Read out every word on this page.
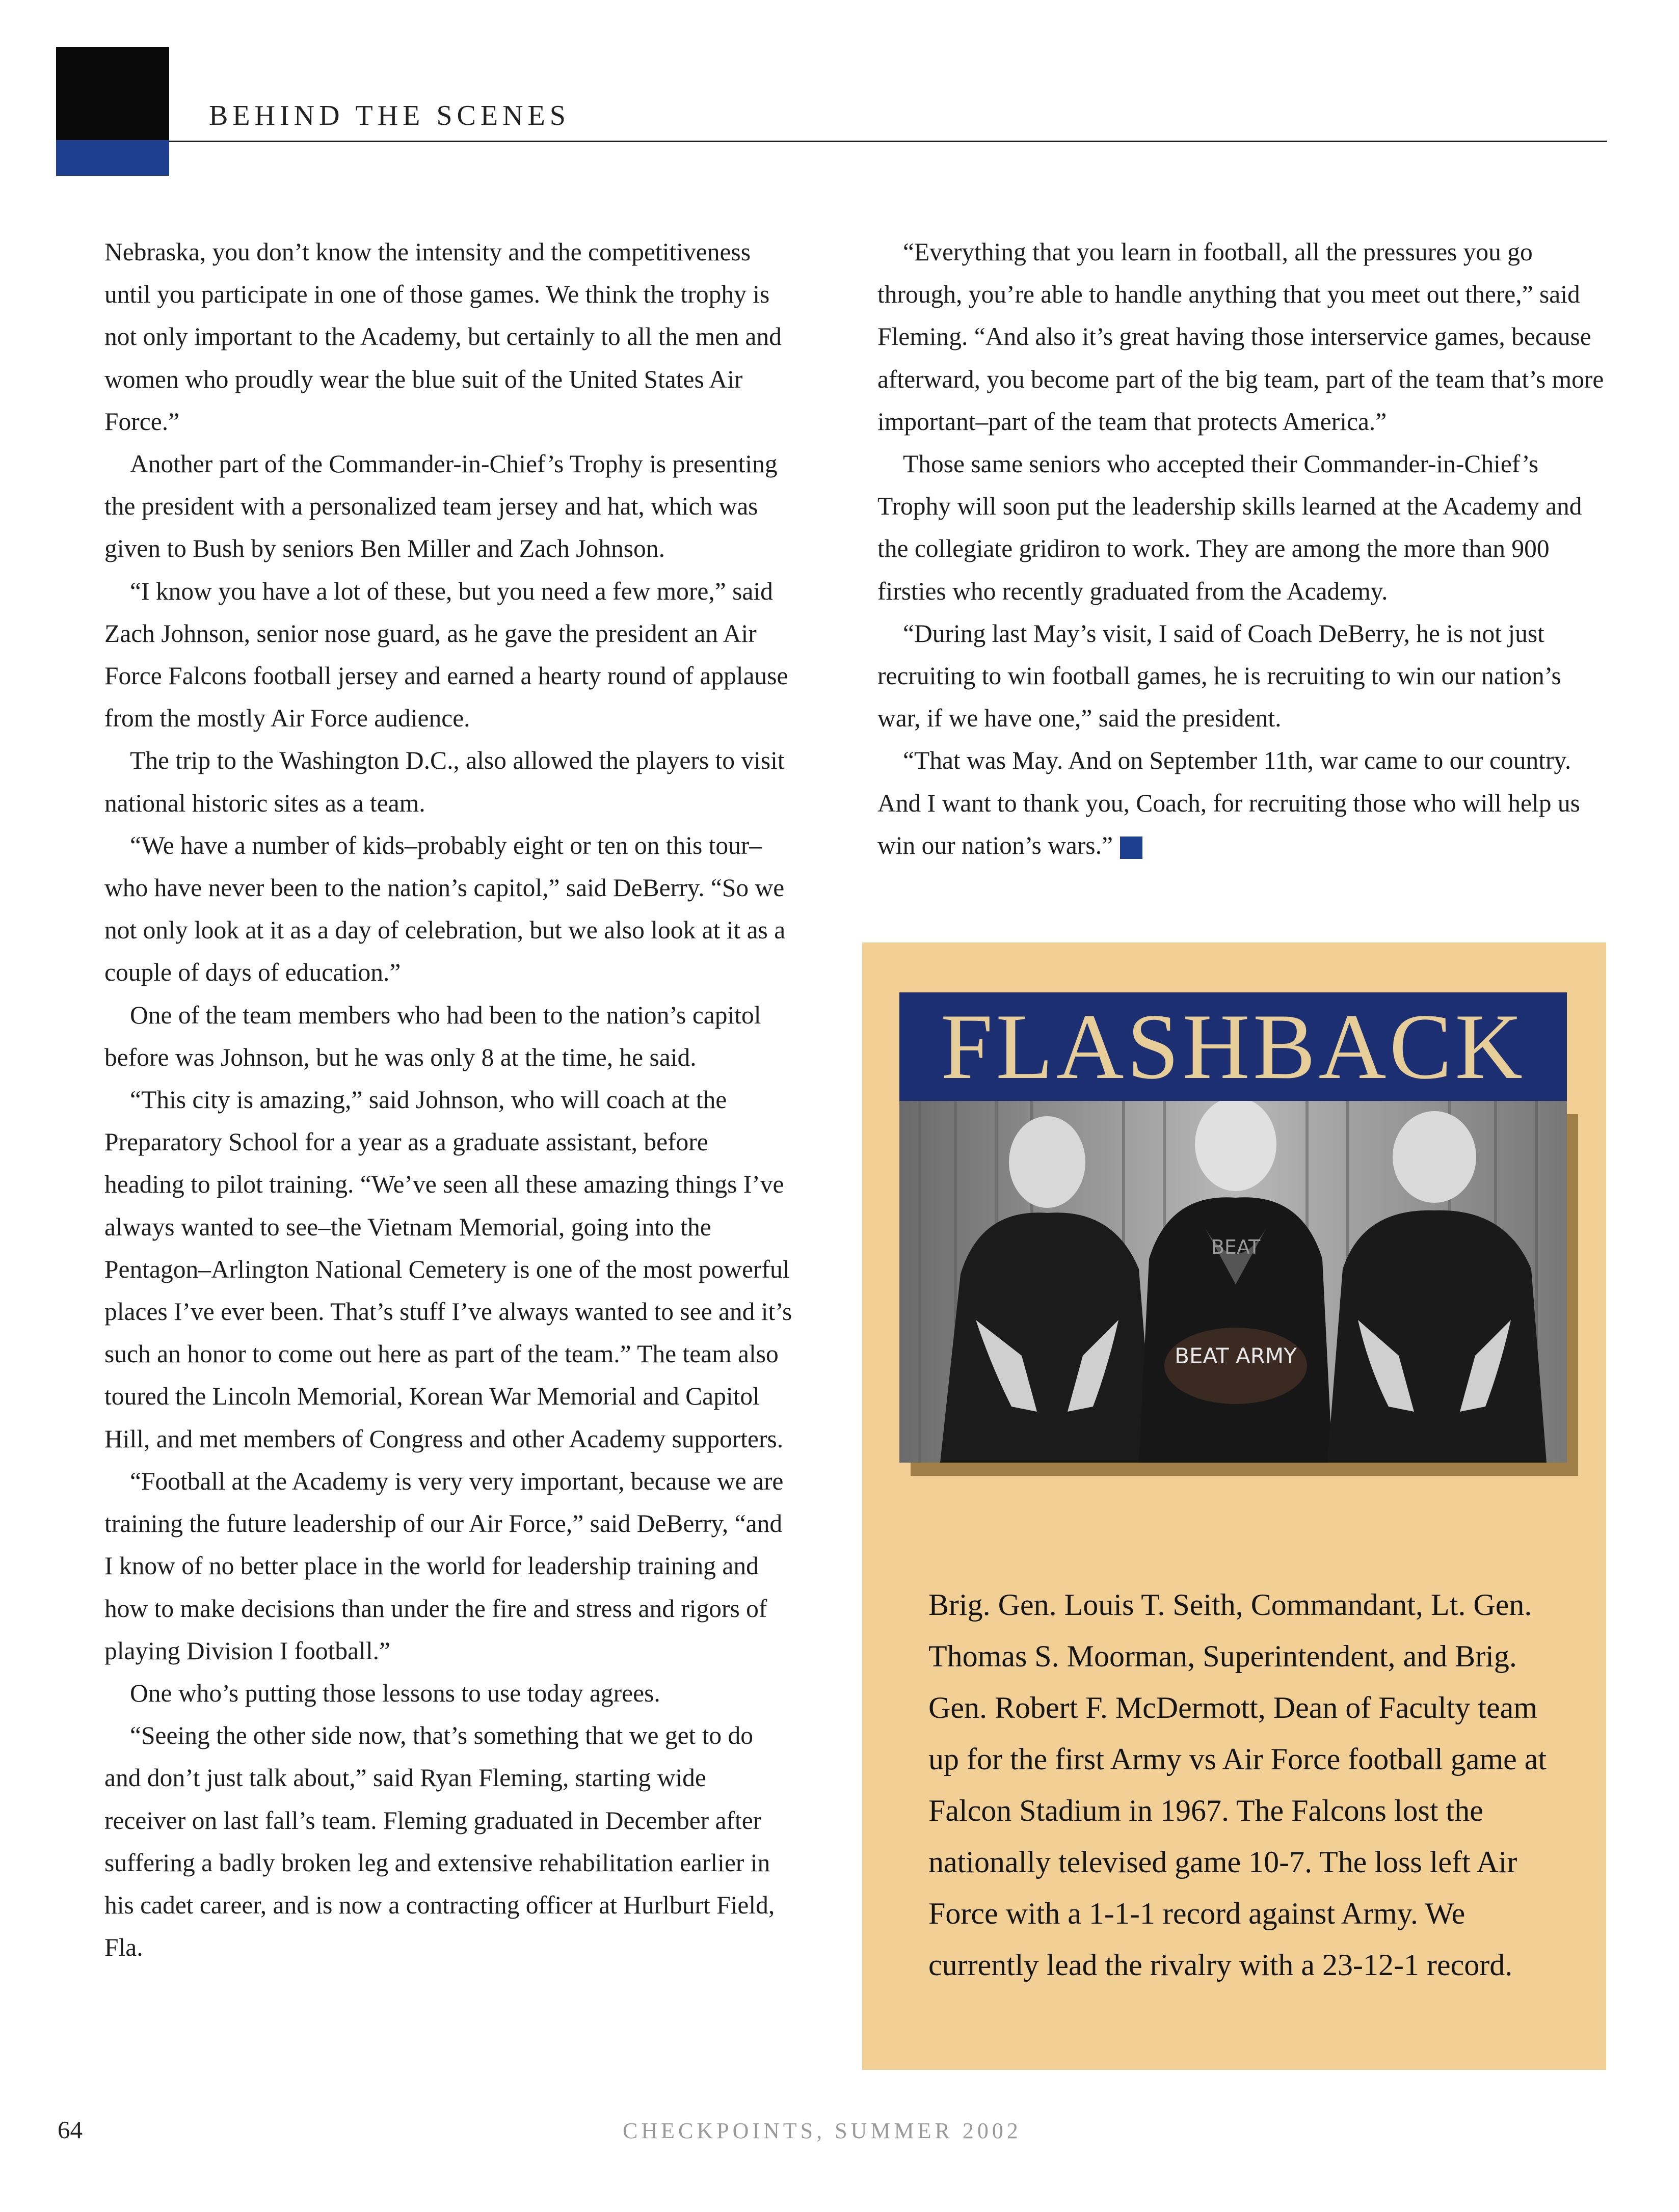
BEHIND THE SCENES

Nebraska, you don’t know the intensity and the competitiveness until you participate in one of those games. We think the trophy is not only important to the Academy, but certainly to all the men and women who proudly wear the blue suit of the United States Air Force.”

Another part of the Commander-in-Chief’s Trophy is presenting the president with a personalized team jersey and hat, which was given to Bush by seniors Ben Miller and Zach Johnson.

“I know you have a lot of these, but you need a few more,” said Zach Johnson, senior nose guard, as he gave the president an Air Force Falcons football jersey and earned a hearty round of applause from the mostly Air Force audience.

The trip to the Washington D.C., also allowed the players to visit national historic sites as a team.

“We have a number of kids–probably eight or ten on this tour–who have never been to the nation’s capitol,” said DeBerry. “So we not only look at it as a day of celebration, but we also look at it as a couple of days of education.”

One of the team members who had been to the nation’s capitol before was Johnson, but he was only 8 at the time, he said.

“This city is amazing,” said Johnson, who will coach at the Preparatory School for a year as a graduate assistant, before heading to pilot training. “We’ve seen all these amazing things I’ve always wanted to see–the Vietnam Memorial, going into the Pentagon–Arlington National Cemetery is one of the most powerful places I’ve ever been. That’s stuff I’ve always wanted to see and it’s such an honor to come out here as part of the team.” The team also toured the Lincoln Memorial, Korean War Memorial and Capitol Hill, and met members of Congress and other Academy supporters.

“Football at the Academy is very very important, because we are training the future leadership of our Air Force,” said DeBerry, “and I know of no better place in the world for leadership training and how to make decisions than under the fire and stress and rigors of playing Division I football.”

One who’s putting those lessons to use today agrees.

“Seeing the other side now, that’s something that we get to do and don’t just talk about,” said Ryan Fleming, starting wide receiver on last fall’s team. Fleming graduated in December after suffering a badly broken leg and extensive rehabilitation earlier in his cadet career, and is now a contracting officer at Hurlburt Field, Fla.

“Everything that you learn in football, all the pressures you go through, you’re able to handle anything that you meet out there,” said Fleming. “And also it’s great having those interservice games, because afterward, you become part of the big team, part of the team that’s more important–part of the team that protects America.”

Those same seniors who accepted their Commander-in-Chief’s Trophy will soon put the leadership skills learned at the Academy and the collegiate gridiron to work. They are among the more than 900 firsties who recently graduated from the Academy.

“During last May’s visit, I said of Coach DeBerry, he is not just recruiting to win football games, he is recruiting to win our nation’s war, if we have one,” said the president.

“That was May. And on September 11th, war came to our country. And I want to thank you, Coach, for recruiting those who will help us win our nation’s wars.” ✓

FLASHBACK
BEAT ARMY
BEAT
Brig. Gen. Louis T. Seith, Commandant, Lt. Gen. Thomas S. Moorman, Superintendent, and Brig. Gen. Robert F. McDermott, Dean of Faculty team up for the first Army vs Air Force football game at Falcon Stadium in 1967. The Falcons lost the nationally televised game 10-7. The loss left Air Force with a 1-1-1 record against Army. We currently lead the rivalry with a 23-12-1 record.
64	CHECKPOINTS, SUMMER 2002
